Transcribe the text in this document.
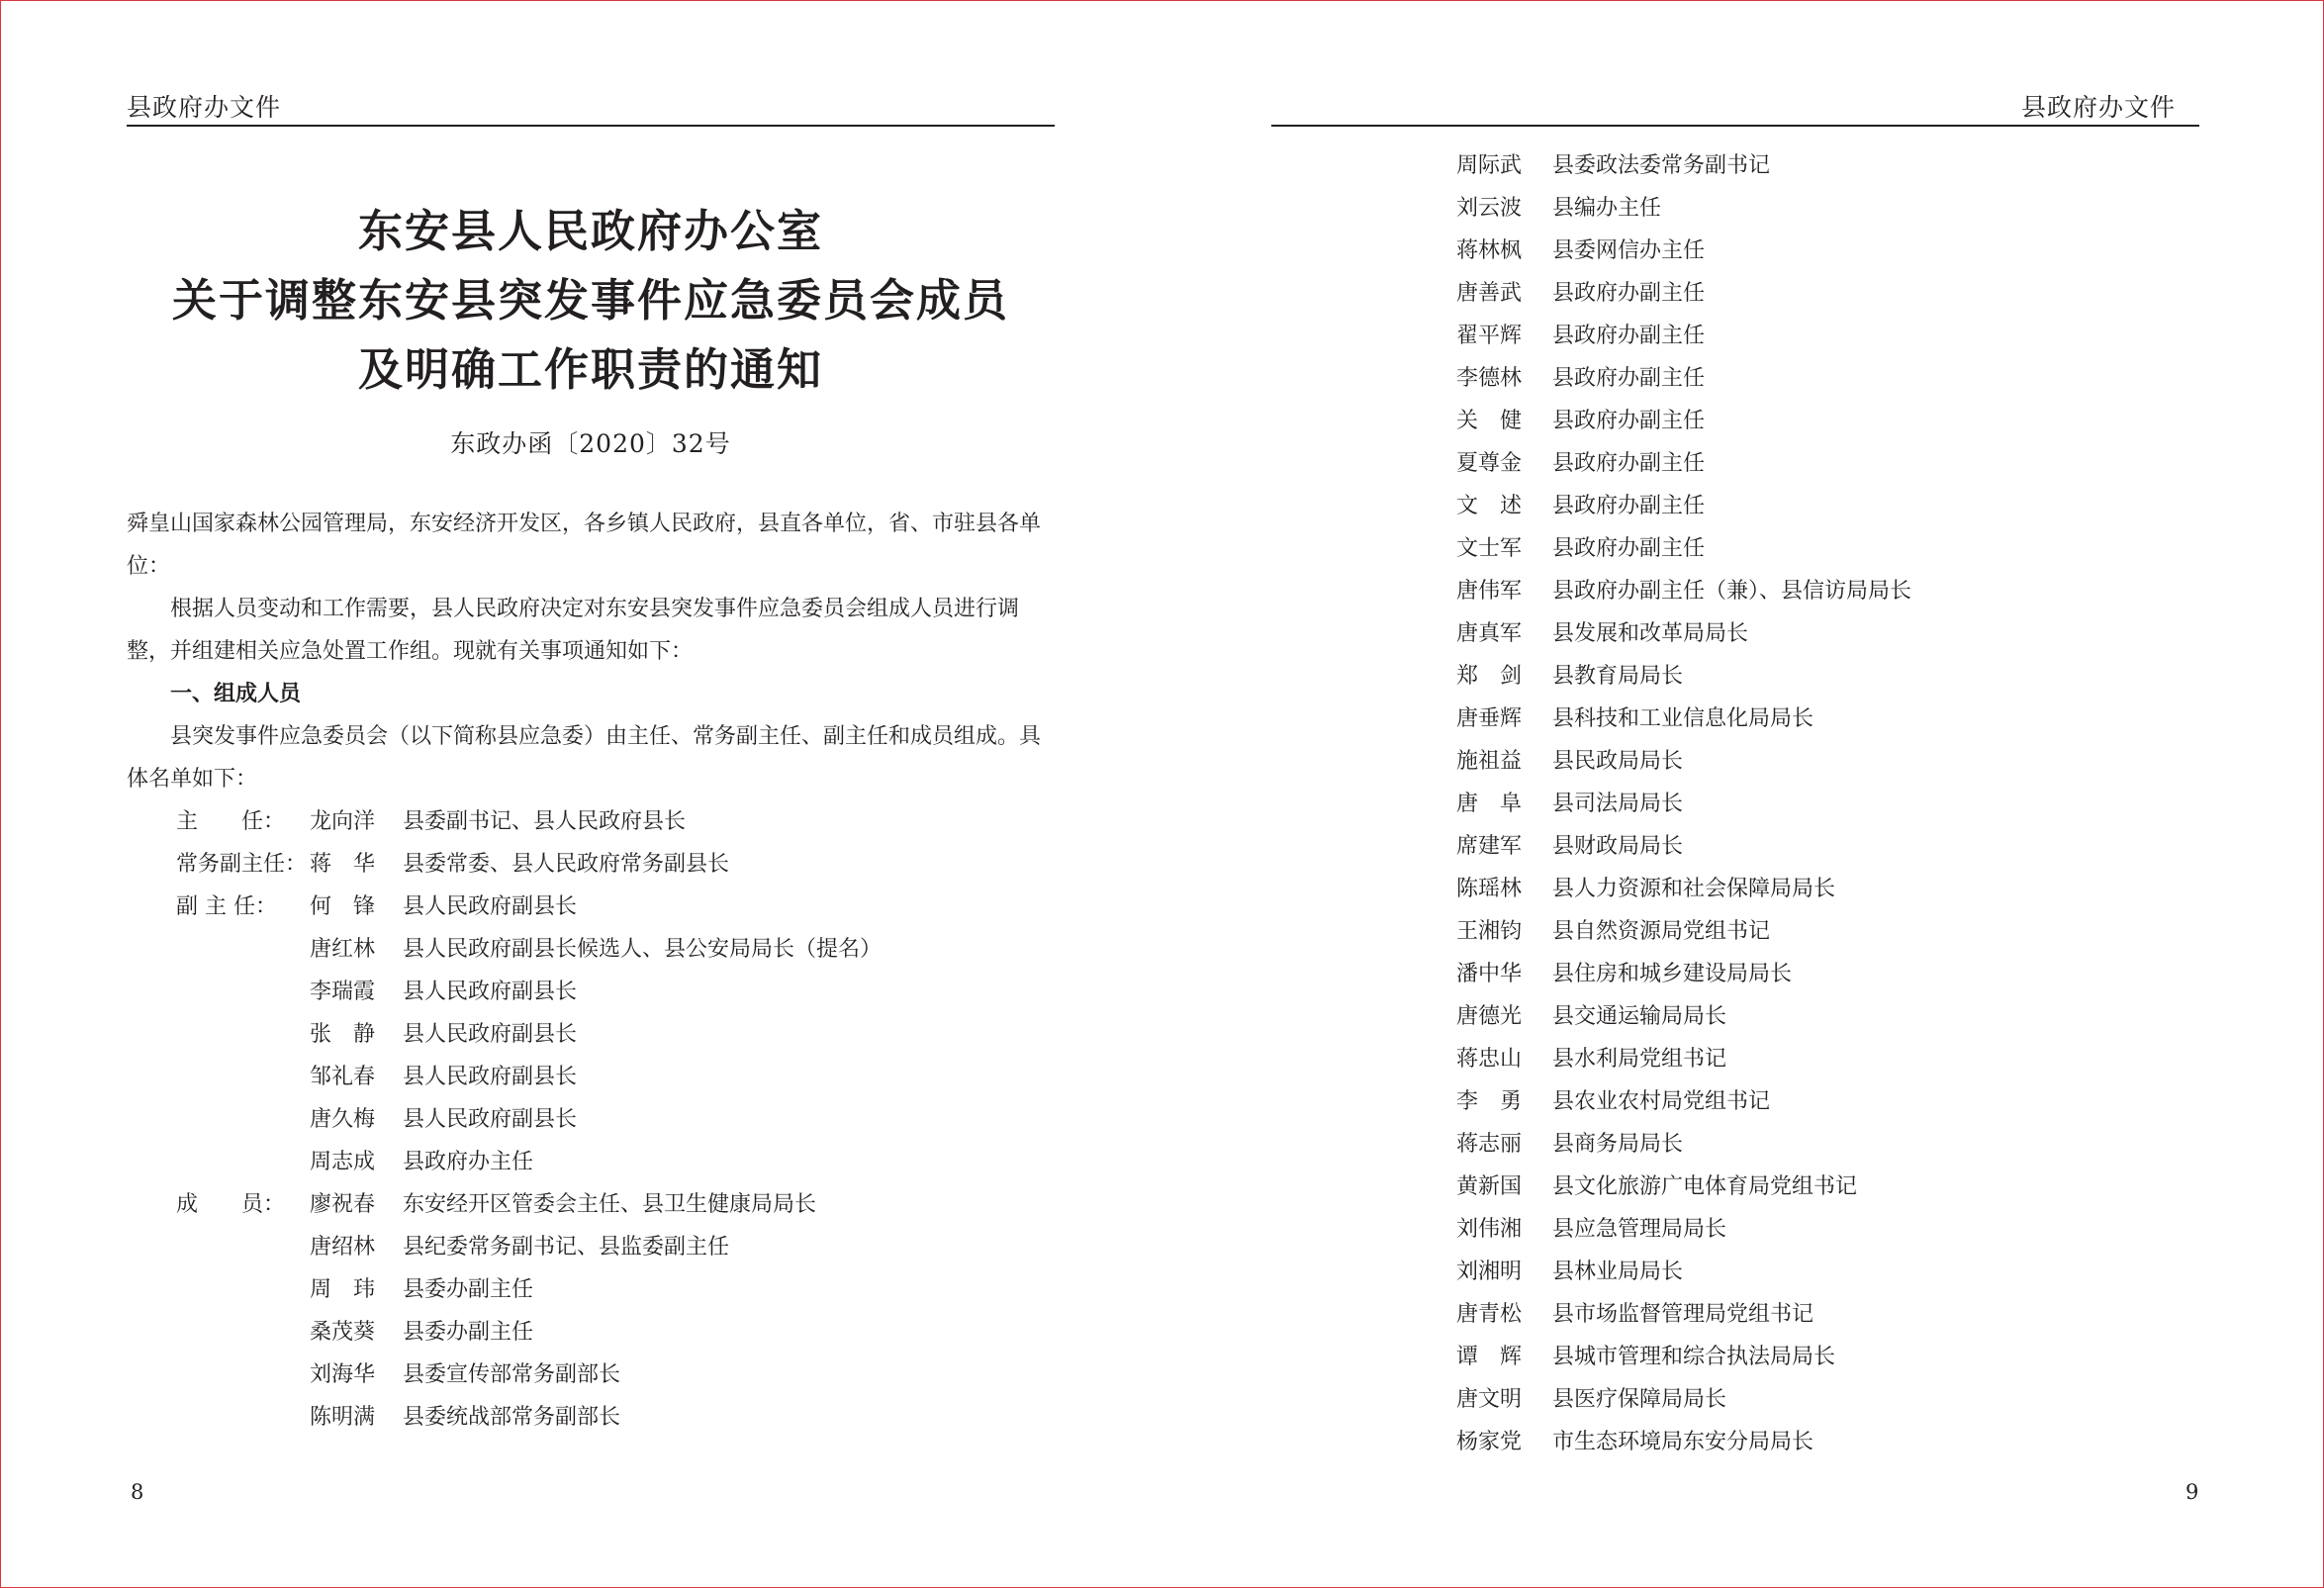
县政府办文件
东安县人民政府办公室
关于调整东安县突发事件应急委员会成员
及明确工作职责的通知
东政办函〔2020〕32号

舜皇山国家森林公园管理局，东安经济开发区，各乡镇人民政府，县直各单位，省、市驻县各单位：

根据人员变动和工作需要，县人民政府决定对东安县突发事件应急委员会组成人员进行调整，并组建相关应急处置工作组。现就有关事项通知如下：

一、组成人员

县突发事件应急委员会（以下简称县应急委）由主任、常务副主任、副主任和成员组成。具体名单如下：

主　　任：	龙向洋	县委副书记、县人民政府县长
常务副主任： 蒋　华	县委常委、县人民政府常务副县长
副 主 任：	何　锋	县人民政府副县长
唐红林	县人民政府副县长候选人、县公安局局长（提名）
李瑞霞	县人民政府副县长
张　静	县人民政府副县长
邹礼春	县人民政府副县长
唐久梅	县人民政府副县长
周志成	县政府办主任
成　　员：	廖祝春	东安经开区管委会主任、县卫生健康局局长
唐绍林	县纪委常务副书记、县监委副主任
周　玮	县委办副主任
桑茂葵	县委办副主任
刘海华	县委宣传部常务副部长
陈明满	县委统战部常务副部长
8
县政府办文件
周际武	县委政法委常务副书记
刘云波	县编办主任
蒋林枫	县委网信办主任
唐善武	县政府办副主任
翟平辉	县政府办副主任
李德林	县政府办副主任
关　健	县政府办副主任
夏尊金	县政府办副主任
文　述	县政府办副主任
文士军	县政府办副主任
唐伟军	县政府办副主任（兼）、县信访局局长
唐真军	县发展和改革局局长
郑　剑	县教育局局长
唐垂辉	县科技和工业信息化局局长
施祖益	县民政局局长
唐　阜	县司法局局长
席建军	县财政局局长
陈瑶林	县人力资源和社会保障局局长
王湘钧	县自然资源局党组书记
潘中华	县住房和城乡建设局局长
唐德光	县交通运输局局长
蒋忠山	县水利局党组书记
李　勇	县农业农村局党组书记
蒋志丽	县商务局局长
黄新国	县文化旅游广电体育局党组书记
刘伟湘	县应急管理局局长
刘湘明	县林业局局长
唐青松	县市场监督管理局党组书记
谭　辉	县城市管理和综合执法局局长
唐文明	县医疗保障局局长
杨家党	市生态环境局东安分局局长
9
